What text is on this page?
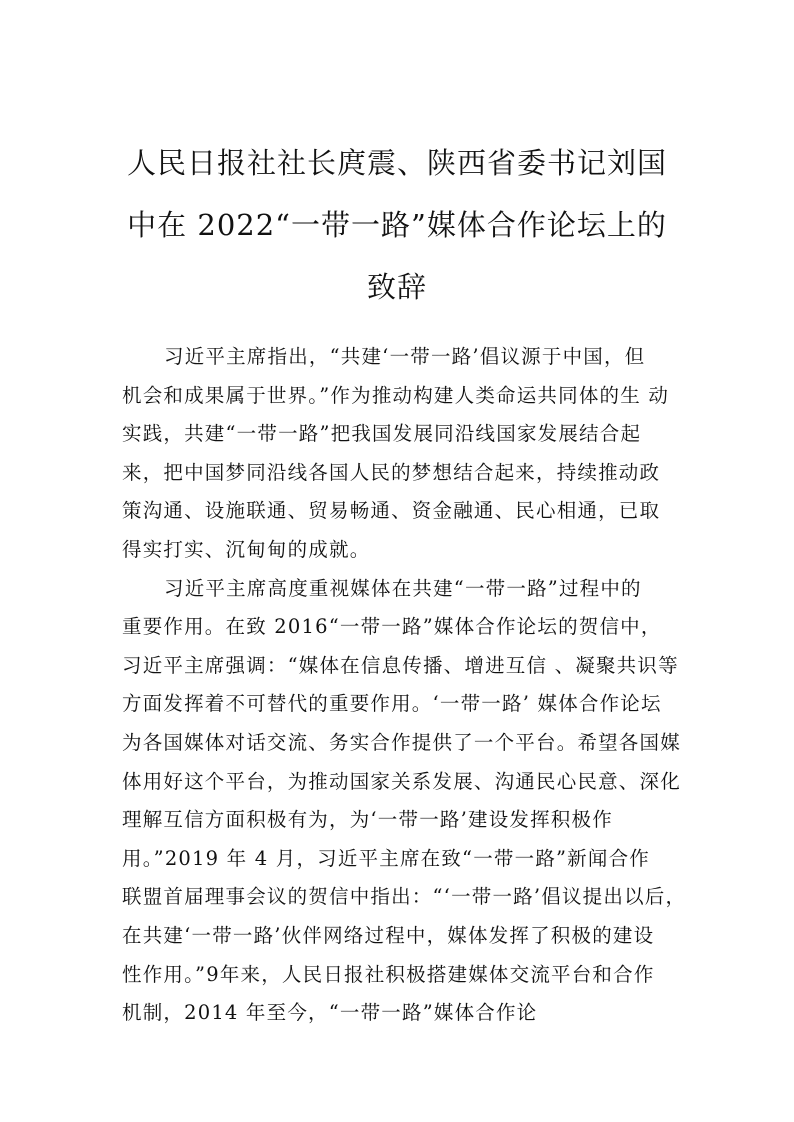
人民日报社社长庹震、陕西省委书记刘国
中在 2022“一带一路”媒体合作论坛上的
致辞
习近平主席指出，“共建‘一带一路’倡议源于中国，但
机会和成果属于世界。”作为推动构建人类命运共同体的生 动
实践，共建“一带一路”把我国发展同沿线国家发展结合起
来，把中国梦同沿线各国人民的梦想结合起来，持续推动政
策沟通、设施联通、贸易畅通、资金融通、民心相通，已取
得实打实、沉甸甸的成就。
习近平主席高度重视媒体在共建“一带一路”过程中的
重要作用。在致 2016“一带一路”媒体合作论坛的贺信中，
习近平主席强调：“媒体在信息传播、增进互信 、凝聚共识等
方面发挥着不可替代的重要作用。‘一带一路’ 媒体合作论坛
为各国媒体对话交流、务实合作提供了一个平台。希望各国媒
体用好这个平台，为推动国家关系发展、沟通民心民意、深化
理解互信方面积极有为，为‘一带一路’建设发挥积极作
用。”2019 年 4 月，习近平主席在致“一带一路”新闻合作
联盟首届理事会议的贺信中指出：“‘一带一路’倡议提出以后，
在共建‘一带一路’伙伴网络过程中，媒体发挥了积极的建设
性作用。”9年来，人民日报社积极搭建媒体交流平台和合作
机制，2014 年至今，“一带一路”媒体合作论
